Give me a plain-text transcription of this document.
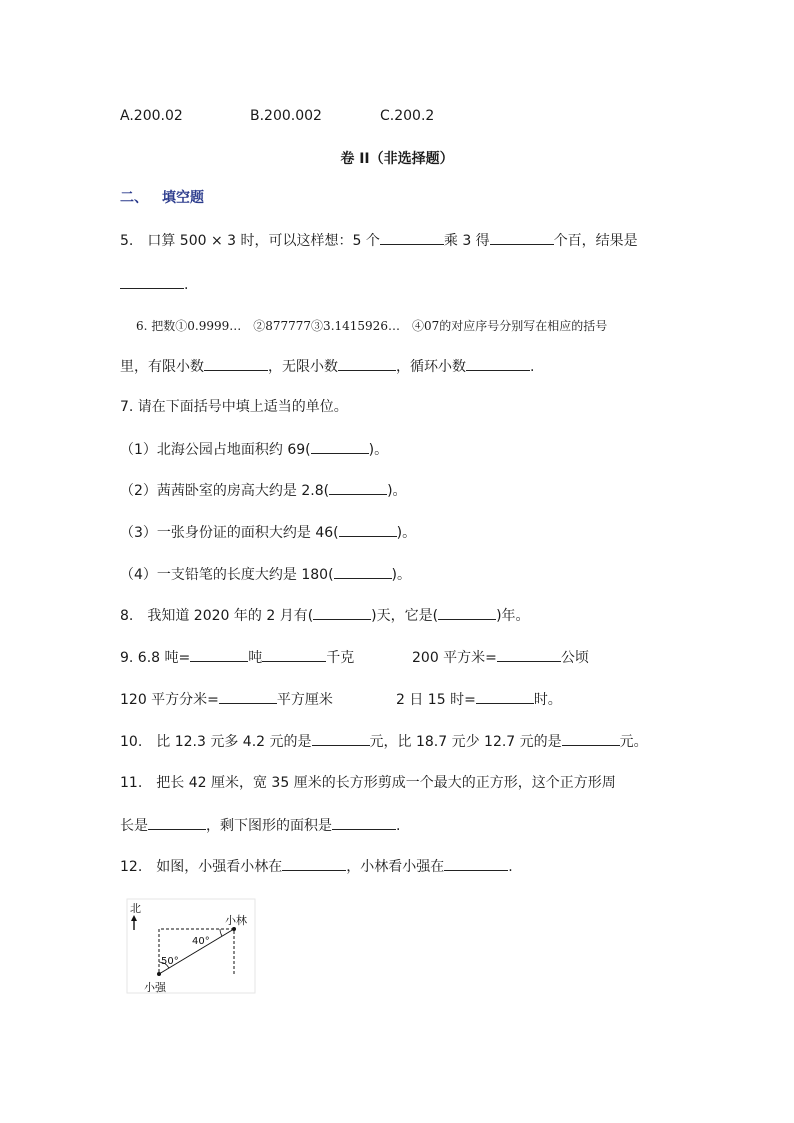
A.200.02	B.200.002	C.200.2
卷 II（非选择题）
二、 填空题
5.　口算 500 × 3 时，可以这样想：5 个	乘 3 得	个百，结果是
.
6. 把数①0.9999…　②877777③3.1415926…　④07的对应序号分别写在相应的括号
里，有限小数	，无限小数	，循环小数	.
7. 请在下面括号中填上适当的单位。
（1）北海公园占地面积约 69(	)。
（2）茜茜卧室的房高大约是 2.8(	)。
（3）一张身份证的面积大约是 46(	)。
（4）一支铅笔的长度大约是 180(	)。
8.　我知道 2020 年的 2 月有(	)天，它是(	)年。
9. 6.8 吨=	吨	千克	200 平方米=	公顷
120 平方分米=	平方厘米	2 日 15 时=	时。
10.　比 12.3 元多 4.2 元的是	元，比 18.7 元少 12.7 元的是	元。
11.　把长 42 厘米，宽 35 厘米的长方形剪成一个最大的正方形，这个正方形周
长是	，剩下图形的面积是	.
12.　如图，小强看小林在	，小林看小强在	.
北
40°
50°
小林
小强
